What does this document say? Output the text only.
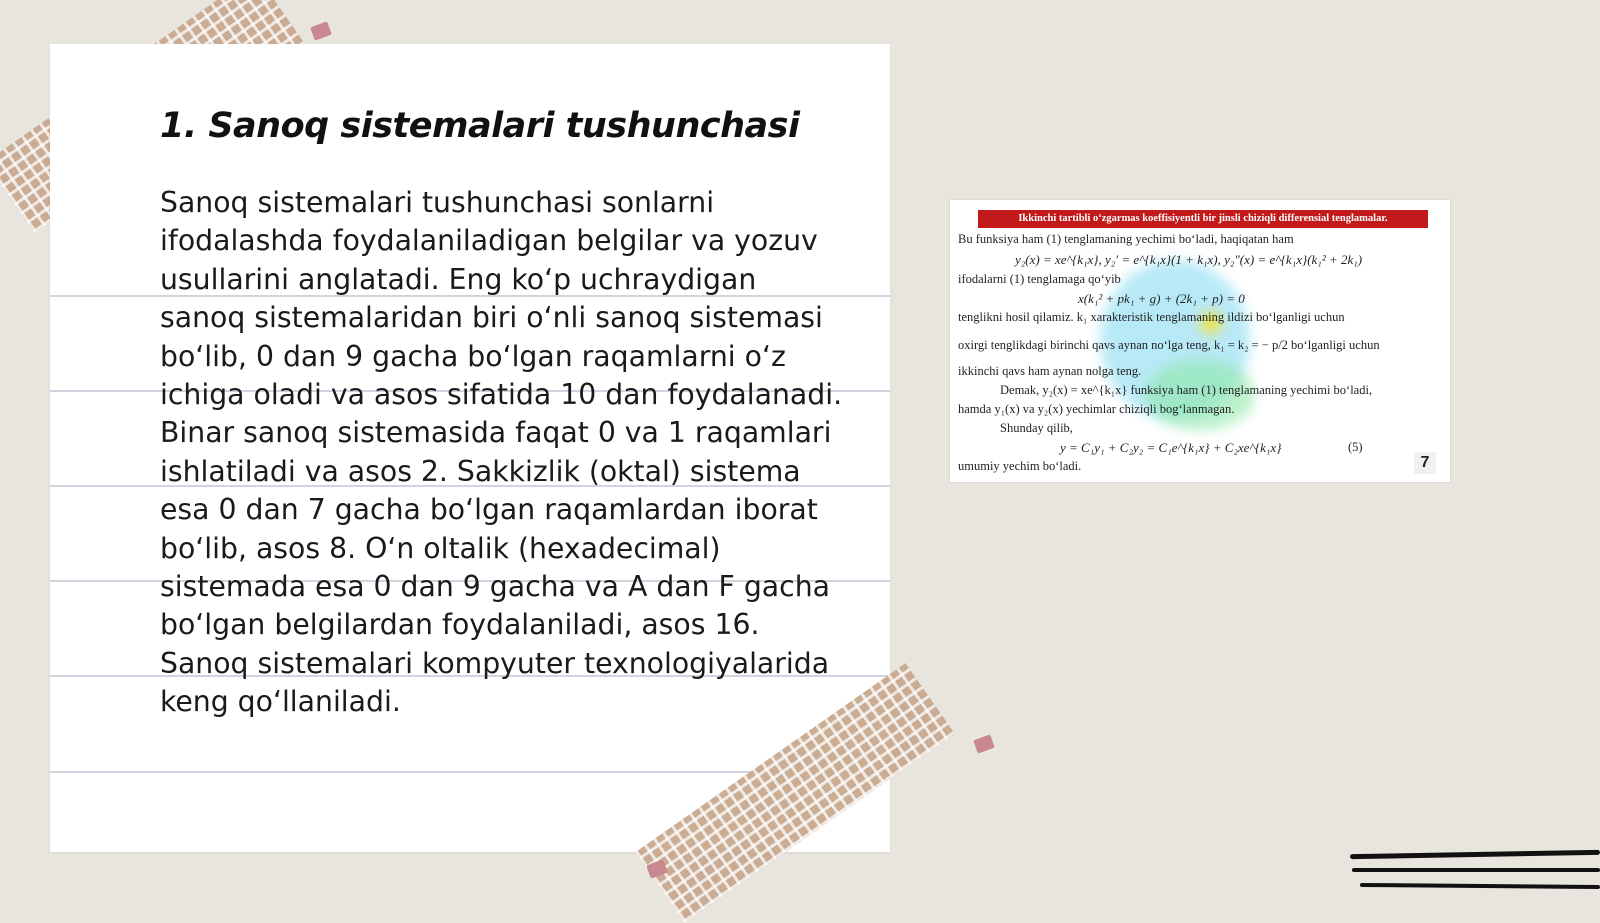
1. Sanoq sistemalari tushunchasi

Sanoq sistemalari tushunchasi sonlarni ifodalashda foydalaniladigan belgilar va yozuv usullarini anglatadi. Eng ko‘p uchraydigan sanoq sistemalaridan biri o‘nli sanoq sistemasi bo‘lib, 0 dan 9 gacha bo‘lgan raqamlarni o‘z ichiga oladi va asos sifatida 10 dan foydalanadi. Binar sanoq sistemasida faqat 0 va 1 raqamlari ishlatiladi va asos 2. Sakkizlik (oktal) sistema esa 0 dan 7 gacha bo‘lgan raqamlardan iborat bo‘lib, asos 8. O‘n oltalik (hexadecimal) sistemada esa 0 dan 9 gacha va A dan F gacha bo‘lgan belgilardan foydalaniladi, asos 16. Sanoq sistemalari kompyuter texnologiyalarida keng qo‘llaniladi.

Ikkinchi tartibli o‘zgarmas koeffisiyentli bir jinsli chiziqli differensial tenglamalar.
Bu funksiya ham (1) tenglamaning yechimi bo‘ladi, haqiqatan ham
y₂(x) = xe^{k₁x}, y₂′ = e^{k₁x}(1 + k₁x), y₂″(x) = e^{k₁x}(k₁² + 2k₁)
ifodalarni (1) tenglamaga qo‘yib
x(k₁² + pk₁ + g) + (2k₁ + p) = 0
tenglikni hosil qilamiz. k₁ xarakteristik tenglamaning ildizi bo‘lganligi uchun
oxirgi tenglikdagi birinchi qavs aynan no‘lga teng, k₁ = k₂ = − p/2 bo‘lganligi uchun
ikkinchi qavs ham aynan nolga teng.
Demak, y₂(x) = xe^{k₁x} funksiya ham (1) tenglamaning yechimi bo‘ladi,
hamda y₁(x) va y₂(x) yechimlar chiziqli bog‘lanmagan.
Shunday qilib,
y = C₁y₁ + C₂y₂ = C₁e^{k₁x} + C₂xe^{k₁x}	(5)
umumiy yechim bo‘ladi.	7
